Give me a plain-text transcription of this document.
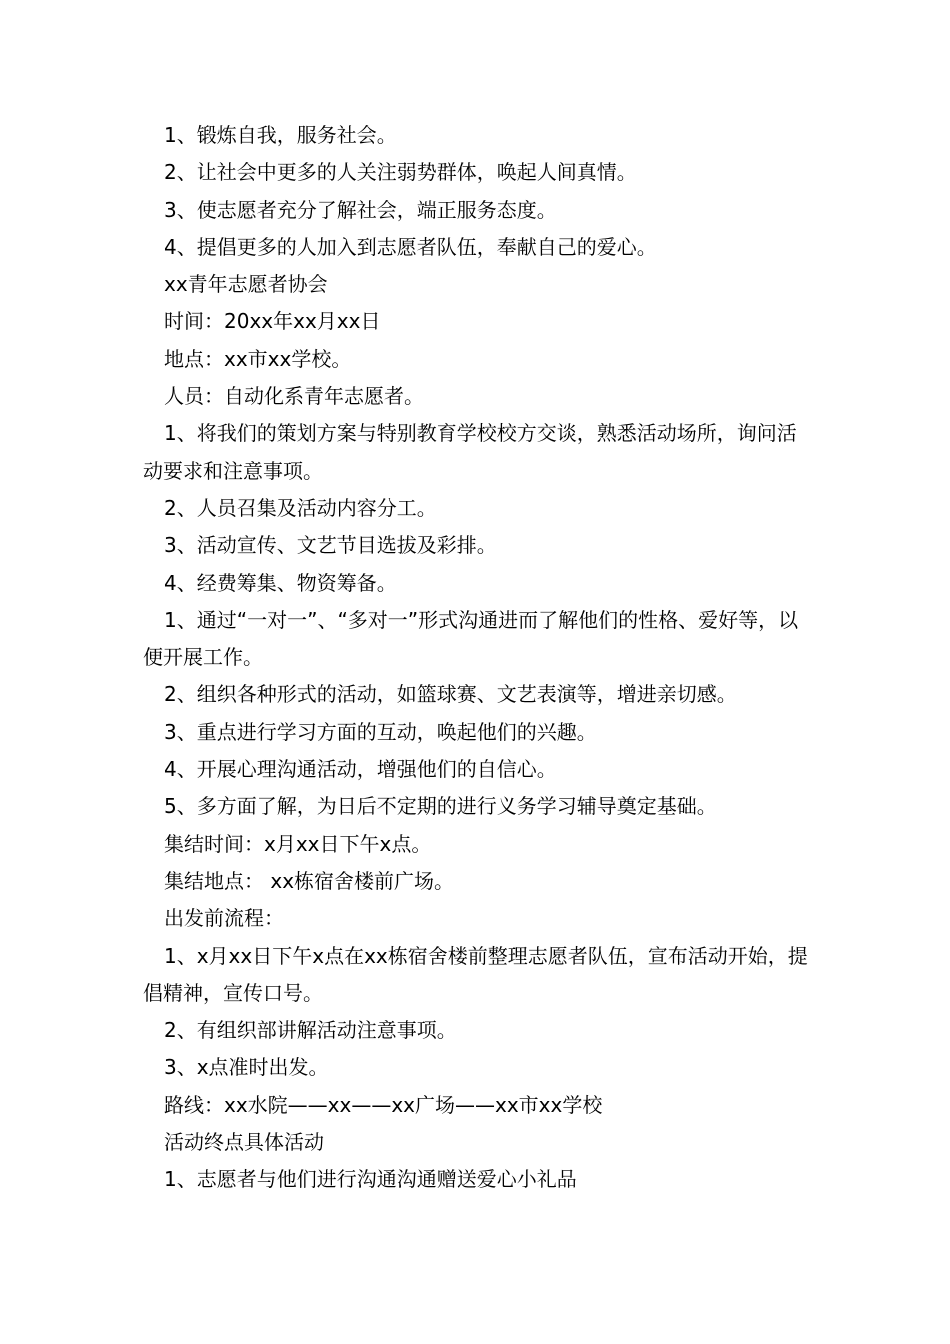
1、锻炼自我，服务社会。

2、让社会中更多的人关注弱势群体，唤起人间真情。

3、使志愿者充分了解社会，端正服务态度。

4、提倡更多的人加入到志愿者队伍，奉献自己的爱心。

xx青年志愿者协会

时间：20xx年xx月xx日

地点：xx市xx学校。

人员：自动化系青年志愿者。

1、将我们的策划方案与特别教育学校校方交谈，熟悉活动场所，询问活动要求和注意事项。

2、人员召集及活动内容分工。

3、活动宣传、文艺节目选拔及彩排。

4、经费筹集、物资筹备。

1、通过“一对一”、“多对一”形式沟通进而了解他们的性格、爱好等，以便开展工作。

2、组织各种形式的活动，如篮球赛、文艺表演等，增进亲切感。

3、重点进行学习方面的互动，唤起他们的兴趣。

4、开展心理沟通活动，增强他们的自信心。

5、多方面了解，为日后不定期的进行义务学习辅导奠定基础。

集结时间：x月xx日下午x点。

集结地点： xx栋宿舍楼前广场。

出发前流程：

1、x月xx日下午x点在xx栋宿舍楼前整理志愿者队伍，宣布活动开始，提倡精神，宣传口号。

2、有组织部讲解活动注意事项。

3、x点准时出发。

路线：xx水院——xx——xx广场——xx市xx学校

活动终点具体活动

1、志愿者与他们进行沟通沟通赠送爱心小礼品
